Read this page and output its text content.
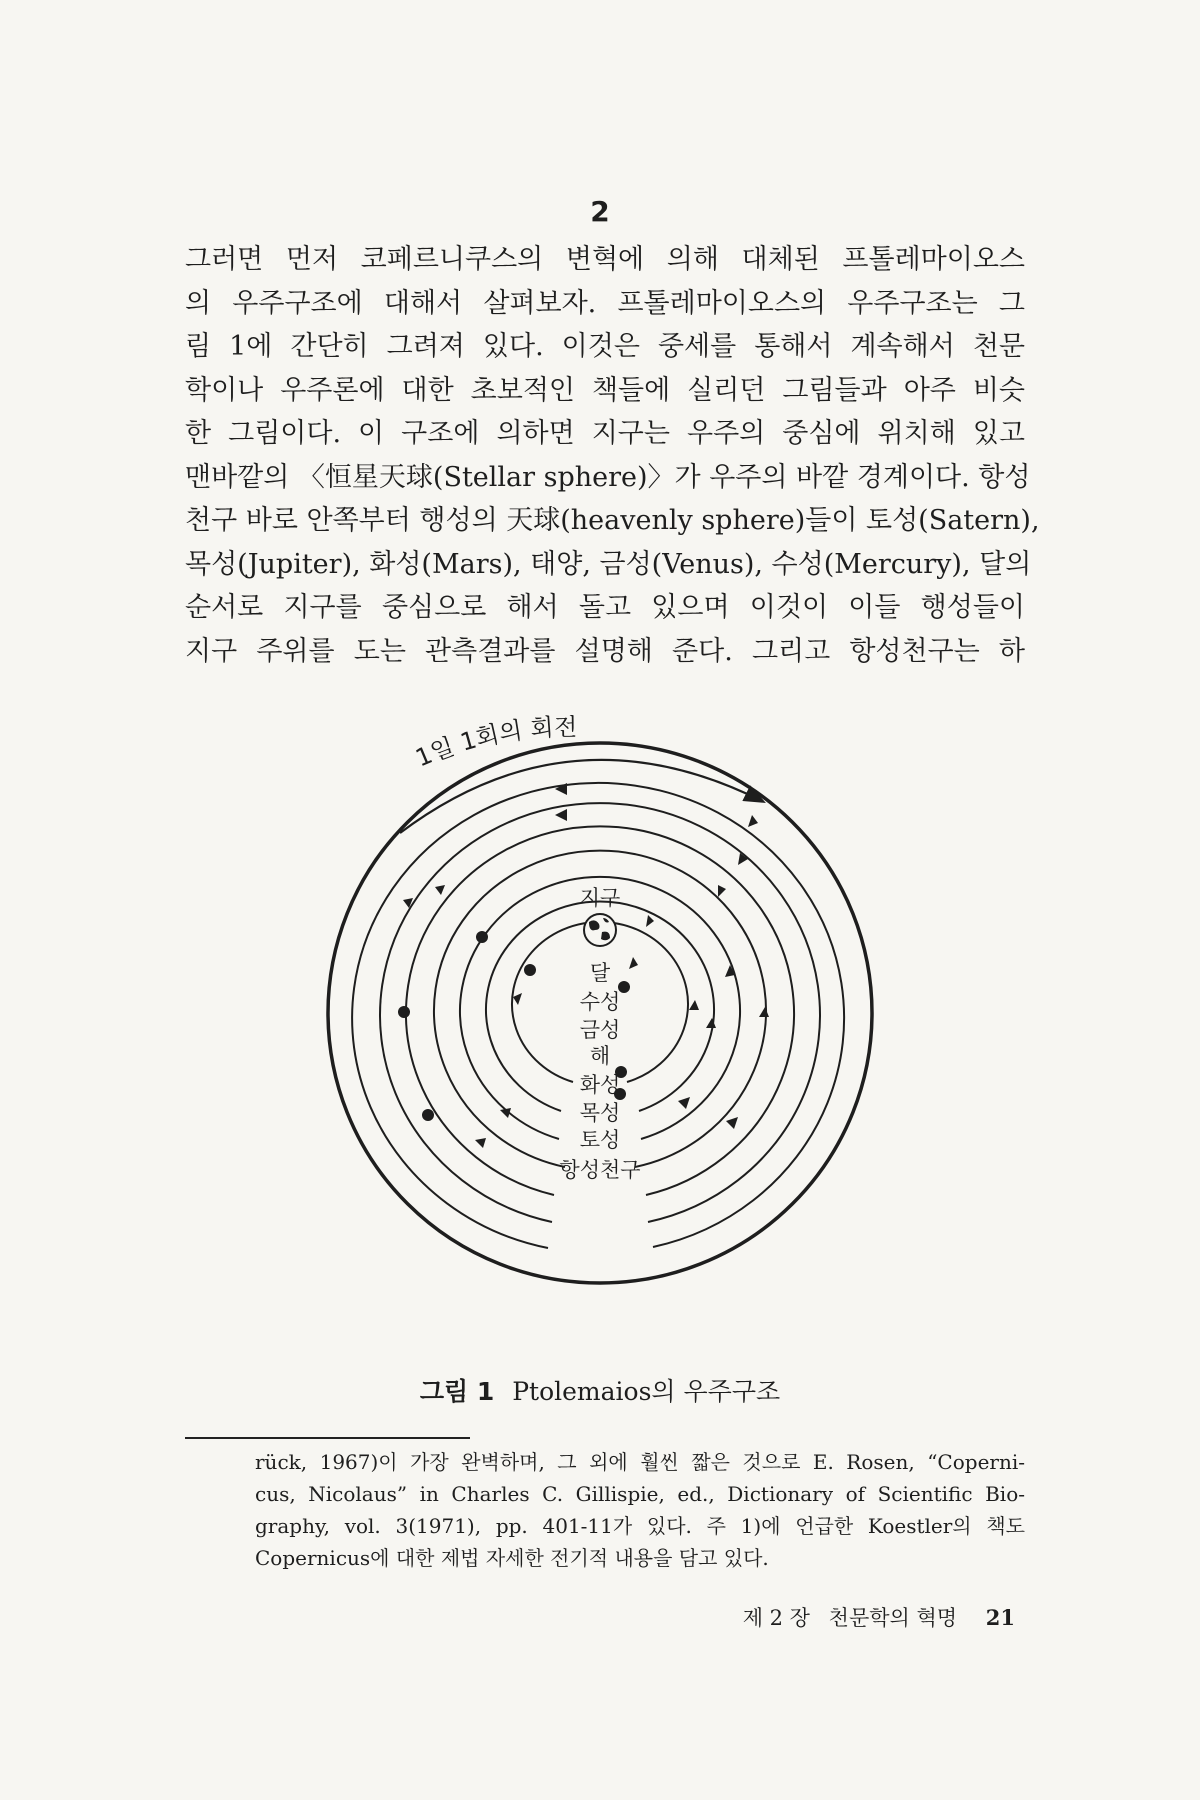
2
그러면 먼저 코페르니쿠스의 변혁에 의해 대체된 프톨레마이오스
의 우주구조에 대해서 살펴보자. 프톨레마이오스의 우주구조는 그
림 1에 간단히 그려져 있다. 이것은 중세를 통해서 계속해서 천문
학이나 우주론에 대한 초보적인 책들에 실리던 그림들과 아주 비슷
한 그림이다. 이 구조에 의하면 지구는 우주의 중심에 위치해 있고
맨바깥의 〈恒星天球(Stellar sphere)〉가 우주의 바깥 경계이다. 항성
천구 바로 안쪽부터 행성의 天球(heavenly sphere)들이 토성(Satern),
목성(Jupiter), 화성(Mars), 태양, 금성(Venus), 수성(Mercury), 달의
순서로 지구를 중심으로 해서 돌고 있으며 이것이 이들 행성들이
지구 주위를 도는 관측결과를 설명해 준다. 그리고 항성천구는 하
1일 1회의 회전
지구
달
수성
금성
해
화성
목성
토성
항성천구
그림 1 Ptolemaios의 우주구조
rück, 1967)이 가장 완벽하며, 그 외에 훨씬 짧은 것으로 E. Rosen, “Coperni-
cus, Nicolaus” in Charles C. Gillispie, ed., Dictionary of Scientific Bio-
graphy, vol. 3(1971), pp. 401-11가 있다. 주 1)에 언급한 Koestler의 책도
Copernicus에 대한 제법 자세한 전기적 내용을 담고 있다.
제 2 장 천문학의 혁명 21
